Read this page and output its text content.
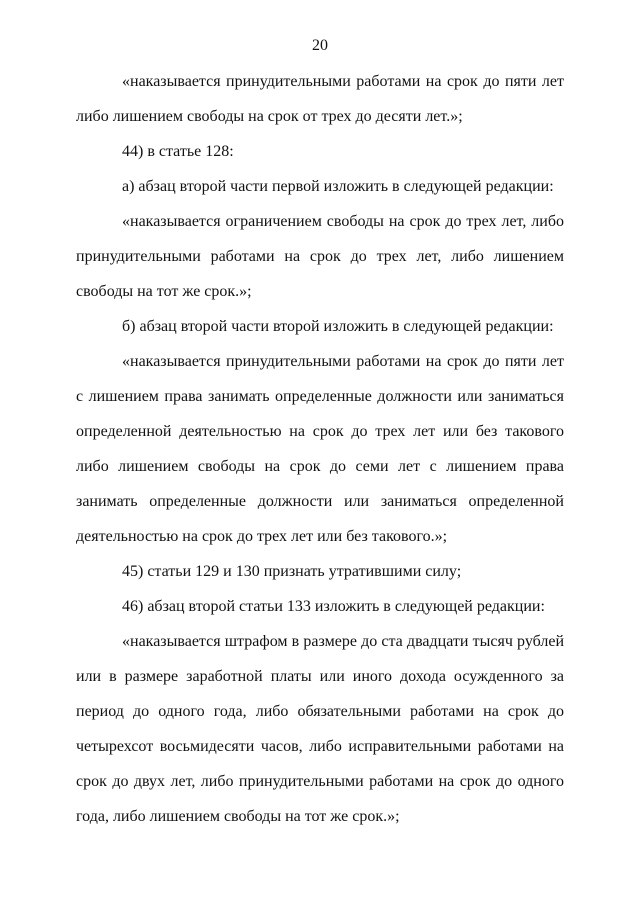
20

«наказывается принудительными работами на срок до пяти лет либо лишением свободы на срок от трех до десяти лет.»;

44) в статье 128:

а) абзац второй части первой изложить в следующей редакции:

«наказывается ограничением свободы на срок до трех лет, либо принудительными работами на срок до трех лет, либо лишением свободы на тот же срок.»;

б) абзац второй части второй изложить в следующей редакции:

«наказывается принудительными работами на срок до пяти лет с лишением права занимать определенные должности или заниматься определенной деятельностью на срок до трех лет или без такового либо лишением свободы на срок до семи лет с лишением права занимать определенные должности или заниматься определенной деятельностью на срок до трех лет или без такового.»;

45) статьи 129 и 130 признать утратившими силу;

46) абзац второй статьи 133 изложить в следующей редакции:

«наказывается штрафом в размере до ста двадцати тысяч рублей или в размере заработной платы или иного дохода осужденного за период до одного года, либо обязательными работами на срок до четырехсот восьмидесяти часов, либо исправительными работами на срок до двух лет, либо принудительными работами на срок до одного года, либо лишением свободы на тот же срок.»;
